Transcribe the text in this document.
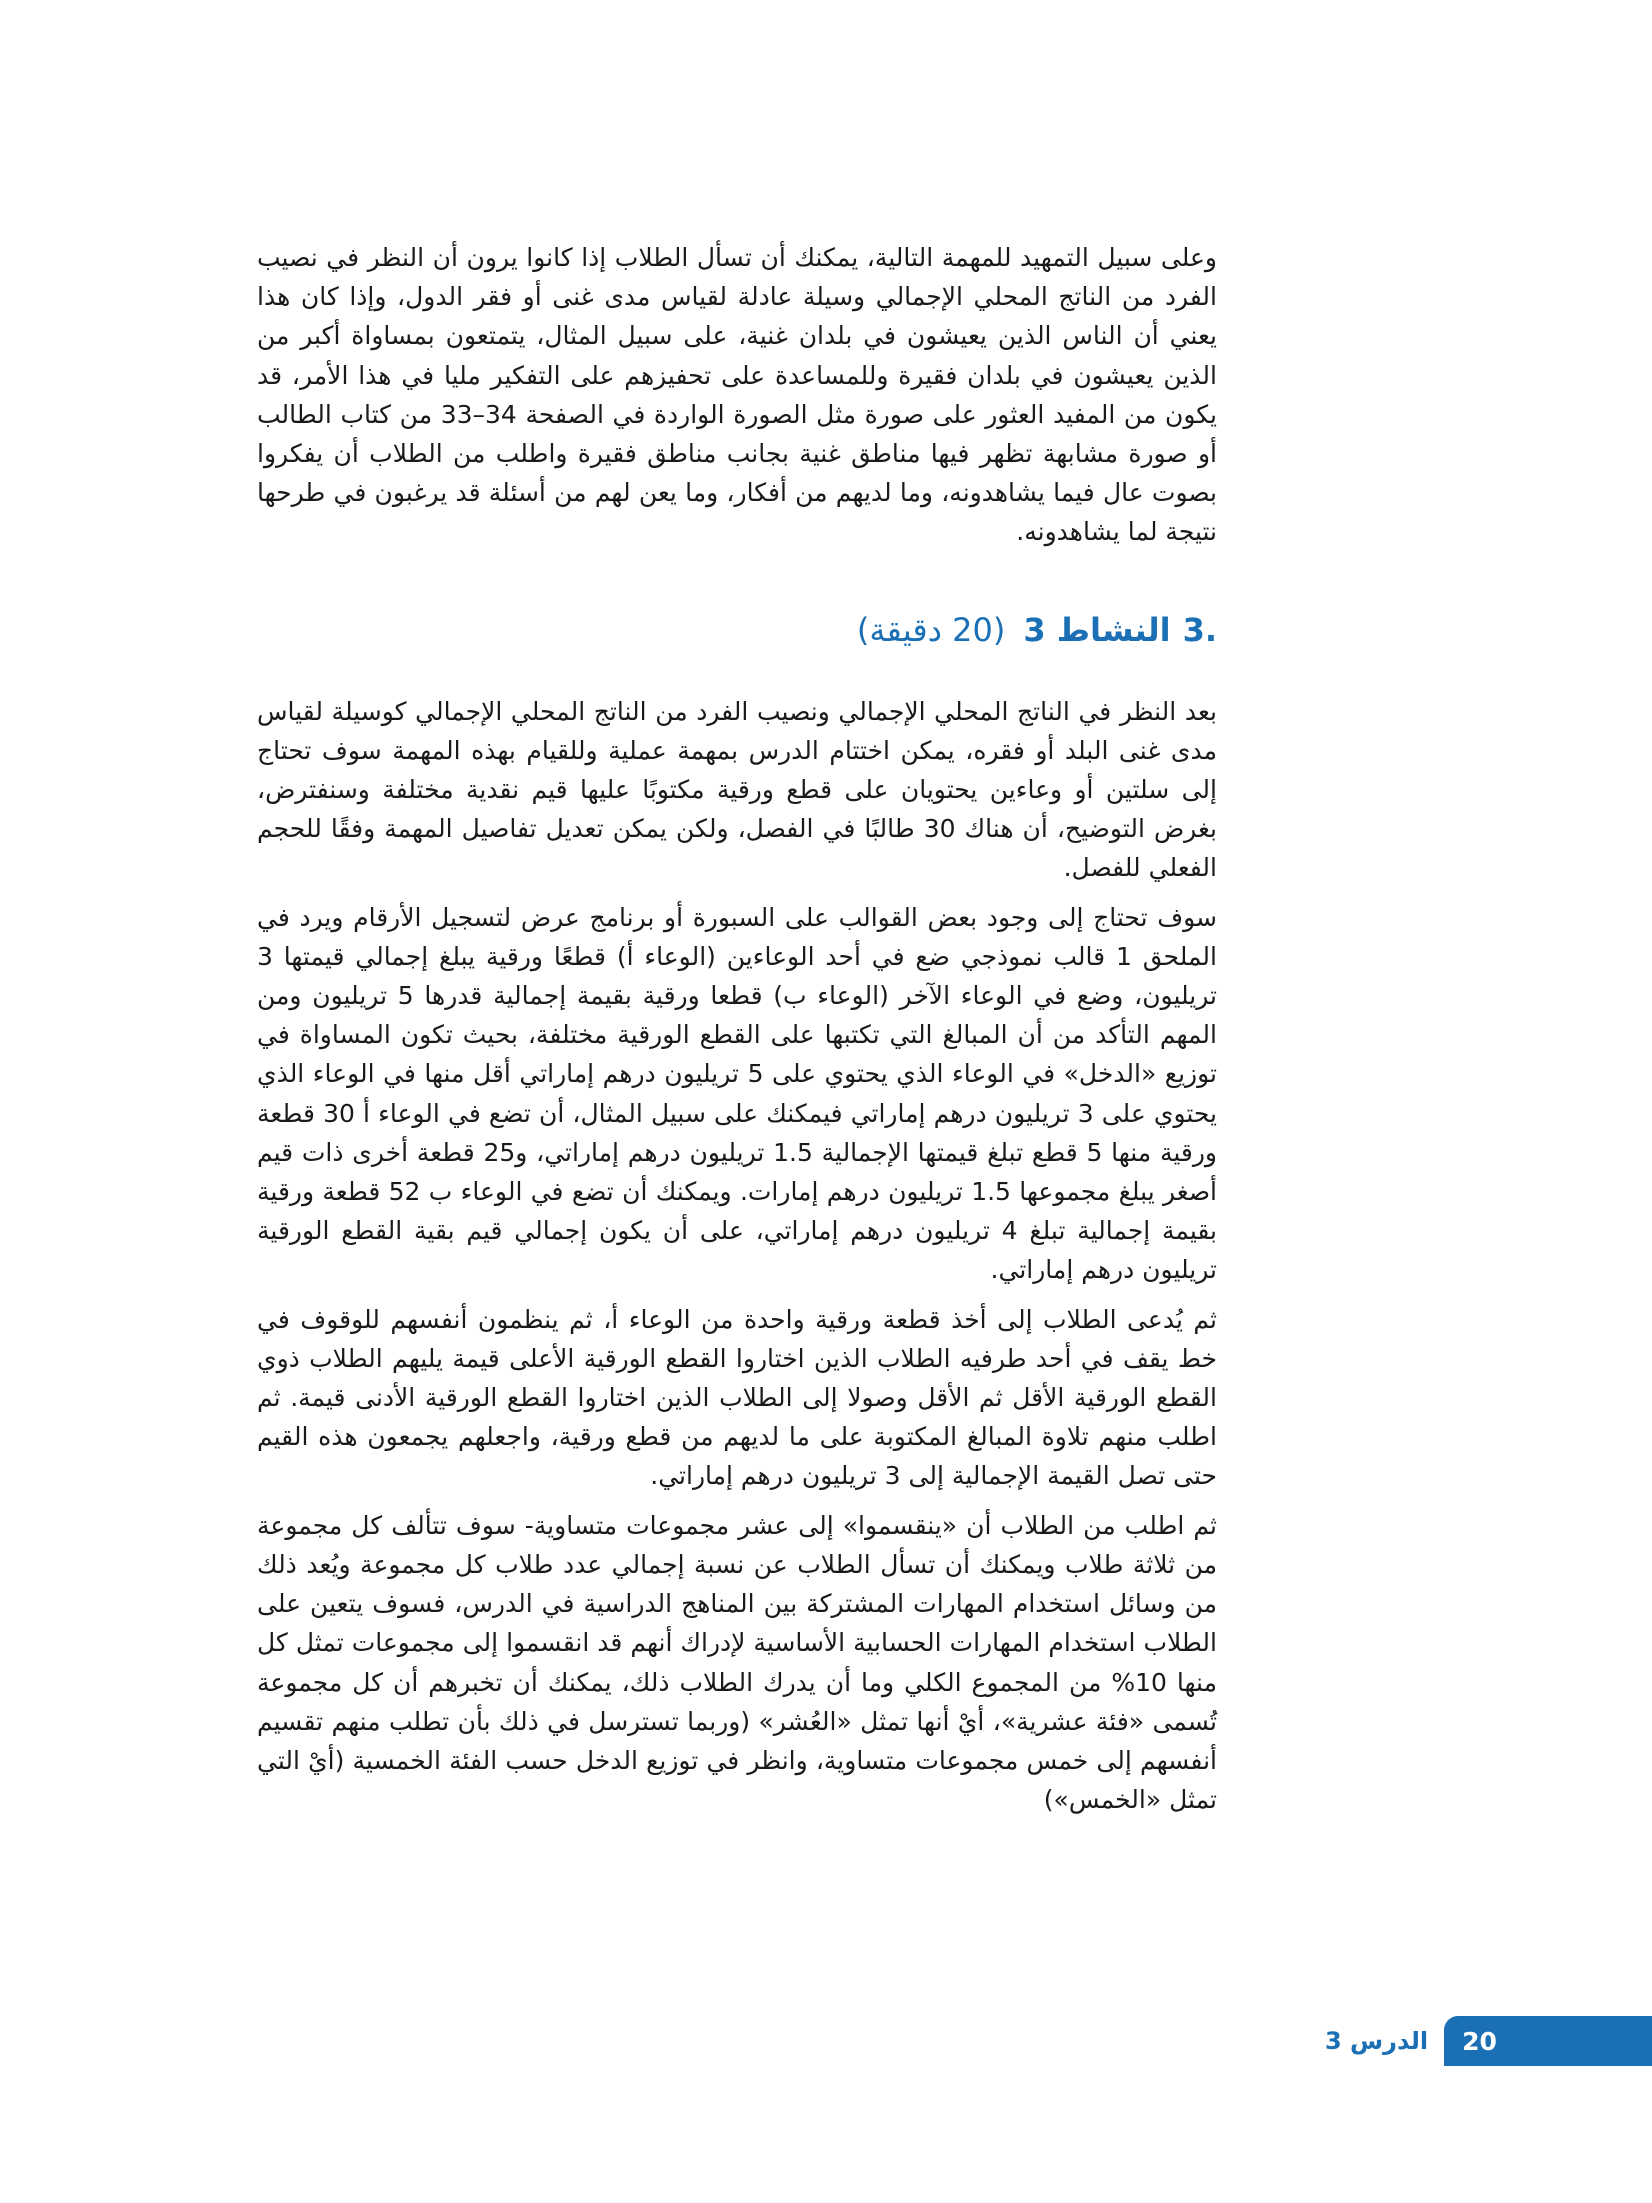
وعلى سبيل التمهيد للمهمة التالية، يمكنك أن تسأل الطلاب إذا كانوا يرون أن النظر في نصيب الفرد من الناتج المحلي الإجمالي وسيلة عادلة لقياس مدى غنى أو فقر الدول، وإذا كان هذا يعني أن الناس الذين يعيشون في بلدان غنية، على سبيل المثال، يتمتعون بمساواة أكبر من الذين يعيشون في بلدان فقيرة وللمساعدة على تحفيزهم على التفكير مليا في هذا الأمر، قد يكون من المفيد العثور على صورة مثل الصورة الواردة في الصفحة 34–33 من كتاب الطالب أو صورة مشابهة تظهر فيها مناطق غنية بجانب مناطق فقيرة واطلب من الطلاب أن يفكروا بصوت عال فيما يشاهدونه، وما لديهم من أفكار، وما يعن لهم من أسئلة قد يرغبون في طرحها نتيجة لما يشاهدونه.

.3
النشاط 3
(20 دقيقة)

بعد النظر في الناتج المحلي الإجمالي ونصيب الفرد من الناتج المحلي الإجمالي كوسيلة لقياس مدى غنى البلد أو فقره، يمكن اختتام الدرس بمهمة عملية وللقيام بهذه المهمة سوف تحتاج إلى سلتين أو وعاءين يحتويان على قطع ورقية مكتوبًا عليها قيم نقدية مختلفة وسنفترض، بغرض التوضيح، أن هناك 30 طالبًا في الفصل، ولكن يمكن تعديل تفاصيل المهمة وفقًا للحجم الفعلي للفصل.

سوف تحتاج إلى وجود بعض القوالب على السبورة أو برنامج عرض لتسجيل الأرقام ويرد في الملحق 1 قالب نموذجي ضع في أحد الوعاءين (الوعاء أ) قطعًا ورقية يبلغ إجمالي قيمتها 3 تريليون، وضع في الوعاء الآخر (الوعاء ب) قطعا ورقية بقيمة إجمالية قدرها 5 تريليون ومن المهم التأكد من أن المبالغ التي تكتبها على القطع الورقية مختلفة، بحيث تكون المساواة في توزيع «الدخل» في الوعاء الذي يحتوي على 5 تريليون درهم إماراتي أقل منها في الوعاء الذي يحتوي على 3 تريليون درهم إماراتي فيمكنك على سبيل المثال، أن تضع في الوعاء أ 30 قطعة ورقية منها 5 قطع تبلغ قيمتها الإجمالية 1.5 تريليون درهم إماراتي، و25 قطعة أخرى ذات قيم أصغر يبلغ مجموعها 1.5 تريليون درهم إمارات. ويمكنك أن تضع في الوعاء ب 52 قطعة ورقية بقيمة إجمالية تبلغ 4 تريليون درهم إماراتي، على أن يكون إجمالي قيم بقية القطع الورقية تريليون درهم إماراتي.

ثم يُدعى الطلاب إلى أخذ قطعة ورقية واحدة من الوعاء أ، ثم ينظمون أنفسهم للوقوف في خط يقف في أحد طرفيه الطلاب الذين اختاروا القطع الورقية الأعلى قيمة يليهم الطلاب ذوي القطع الورقية الأقل ثم الأقل وصولا إلى الطلاب الذين اختاروا القطع الورقية الأدنى قيمة. ثم اطلب منهم تلاوة المبالغ المكتوبة على ما لديهم من قطع ورقية، واجعلهم يجمعون هذه القيم حتى تصل القيمة الإجمالية إلى 3 تريليون درهم إماراتي.

ثم اطلب من الطلاب أن «ينقسموا» إلى عشر مجموعات متساوية- سوف تتألف كل مجموعة من ثلاثة طلاب ويمكنك أن تسأل الطلاب عن نسبة إجمالي عدد طلاب كل مجموعة ويُعد ذلك من وسائل استخدام المهارات المشتركة بين المناهج الدراسية في الدرس، فسوف يتعين على الطلاب استخدام المهارات الحسابية الأساسية لإدراك أنهم قد انقسموا إلى مجموعات تمثل كل منها 10% من المجموع الكلي وما أن يدرك الطلاب ذلك، يمكنك أن تخبرهم أن كل مجموعة تُسمى «فئة عشرية»، أيْ أنها تمثل «العُشر» (وربما تسترسل في ذلك بأن تطلب منهم تقسيم أنفسهم إلى خمس مجموعات متساوية، وانظر في توزيع الدخل حسب الفئة الخمسية (أيْ التي تمثل «الخمس»)

الدرس 3 20
